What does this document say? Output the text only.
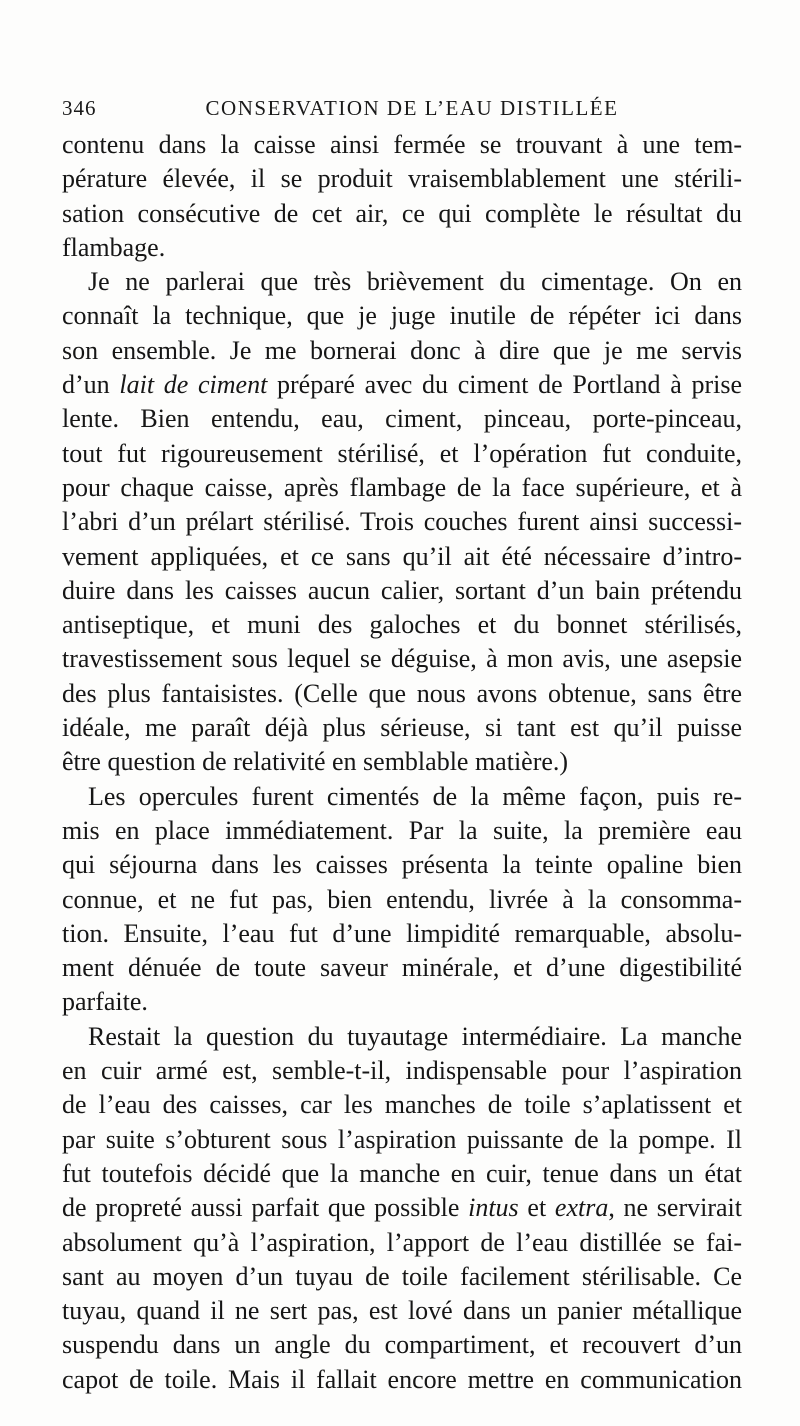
346	CONSERVATION DE L’EAU DISTILLÉE
contenu dans la caisse ainsi fermée se trouvant à une tem-
pérature élevée, il se produit vraisemblablement une stérili-
sation consécutive de cet air, ce qui complète le résultat du
flambage.
Je ne parlerai que très brièvement du cimentage. On en
connaît la technique, que je juge inutile de répéter ici dans
son ensemble. Je me bornerai donc à dire que je me servis
d’un lait de ciment préparé avec du ciment de Portland à prise
lente. Bien entendu, eau, ciment, pinceau, porte-pinceau,
tout fut rigoureusement stérilisé, et l’opération fut conduite,
pour chaque caisse, après flambage de la face supérieure, et à
l’abri d’un prélart stérilisé. Trois couches furent ainsi successi-
vement appliquées, et ce sans qu’il ait été nécessaire d’intro-
duire dans les caisses aucun calier, sortant d’un bain prétendu
antiseptique, et muni des galoches et du bonnet stérilisés,
travestissement sous lequel se déguise, à mon avis, une asepsie
des plus fantaisistes. (Celle que nous avons obtenue, sans être
idéale, me paraît déjà plus sérieuse, si tant est qu’il puisse
être question de relativité en semblable matière.)
Les opercules furent cimentés de la même façon, puis re-
mis en place immédiatement. Par la suite, la première eau
qui séjourna dans les caisses présenta la teinte opaline bien
connue, et ne fut pas, bien entendu, livrée à la consomma-
tion. Ensuite, l’eau fut d’une limpidité remarquable, absolu-
ment dénuée de toute saveur minérale, et d’une digestibilité
parfaite.
Restait la question du tuyautage intermédiaire. La manche
en cuir armé est, semble-t-il, indispensable pour l’aspiration
de l’eau des caisses, car les manches de toile s’aplatissent et
par suite s’obturent sous l’aspiration puissante de la pompe. Il
fut toutefois décidé que la manche en cuir, tenue dans un état
de propreté aussi parfait que possible intus et extra, ne servirait
absolument qu’à l’aspiration, l’apport de l’eau distillée se fai-
sant au moyen d’un tuyau de toile facilement stérilisable. Ce
tuyau, quand il ne sert pas, est lové dans un panier métallique
suspendu dans un angle du compartiment, et recouvert d’un
capot de toile. Mais il fallait encore mettre en communication
